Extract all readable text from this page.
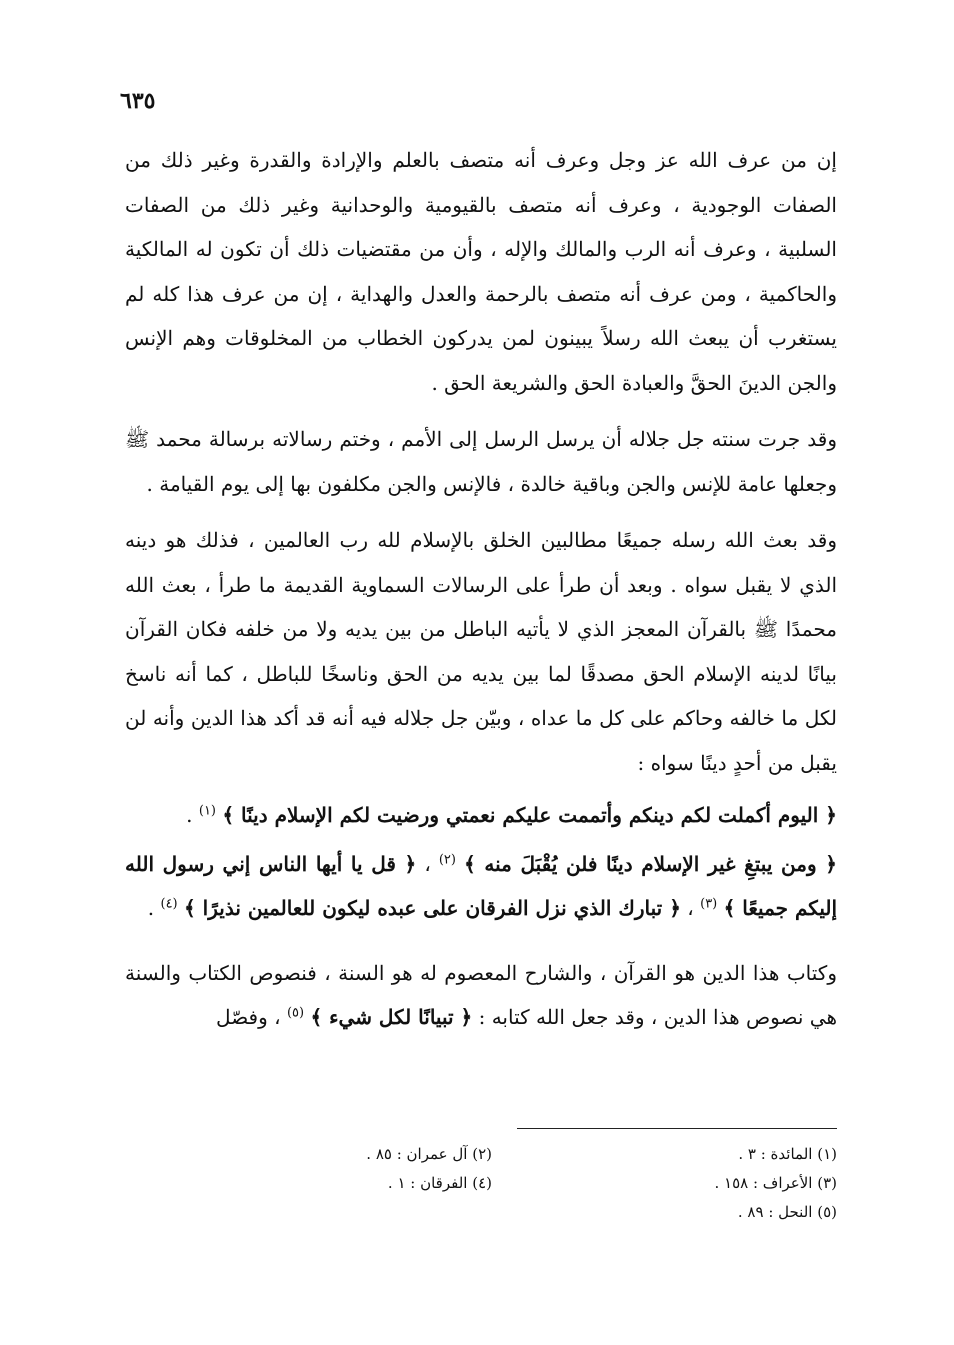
٦٣٥

إن من عرف الله عز وجل وعرف أنه متصف بالعلم والإرادة والقدرة وغير ذلك من الصفات الوجودية ، وعرف أنه متصف بالقيومية والوحدانية وغير ذلك من الصفات السلبية ، وعرف أنه الرب والمالك والإله ، وأن من مقتضيات ذلك أن تكون له المالكية والحاكمية ، ومن عرف أنه متصف بالرحمة والعدل والهداية ، إن من عرف هذا كله لم يستغرب أن يبعث الله رسلاً يبينون لمن يدركون الخطاب من المخلوقات وهم الإنس والجن الدينَ الحقَّ والعبادة الحق والشريعة الحق .

وقد جرت سنته جل جلاله أن يرسل الرسل إلى الأمم ، وختم رسالاته برسالة محمد ﷺ وجعلها عامة للإنس والجن وباقية خالدة ، فالإنس والجن مكلفون بها إلى يوم القيامة .

وقد بعث الله رسله جميعًا مطالبين الخلق بالإسلام لله رب العالمين ، فذلك هو دينه الذي لا يقبل سواه . وبعد أن طرأ على الرسالات السماوية القديمة ما طرأ ، بعث الله محمدًا ﷺ بالقرآن المعجز الذي لا يأتيه الباطل من بين يديه ولا من خلفه فكان القرآن بيانًا لدينه الإسلام الحق مصدقًا لما بين يديه من الحق وناسخًا للباطل ، كما أنه ناسخ لكل ما خالفه وحاكم على كل ما عداه ، وبيّن جل جلاله فيه أنه قد أكد هذا الدين وأنه لن يقبل من أحدٍ دينًا سواه :

﴿ اليوم أكملت لكم دينكم وأتممت عليكم نعمتي ورضيت لكم الإسلام دينًا ﴾ $^{(١)}$ .

﴿ ومن يبتغِ غير الإسلام دينًا فلن يُقْبَلَ منه ﴾ $^{(٢)}$ ، ﴿ قل يا أيها الناس إني رسول الله إليكم جميعًا ﴾ $^{(٣)}$ ، ﴿ تبارك الذي نزل الفرقان على عبده ليكون للعالمين نذيرًا ﴾ $^{(٤)}$ .

وكتاب هذا الدين هو القرآن ، والشارح المعصوم له هو السنة ، فنصوص الكتاب والسنة هي نصوص هذا الدين ، وقد جعل الله كتابه : ﴿ تبيانًا لكل شيء ﴾ $^{(٥)}$ ، وفصّل

(١) المائدة : ٣ .
(٢) آل عمران : ٨٥ .
(٣) الأعراف : ١٥٨ .
(٤) الفرقان : ١ .
(٥) النحل : ٨٩ .
